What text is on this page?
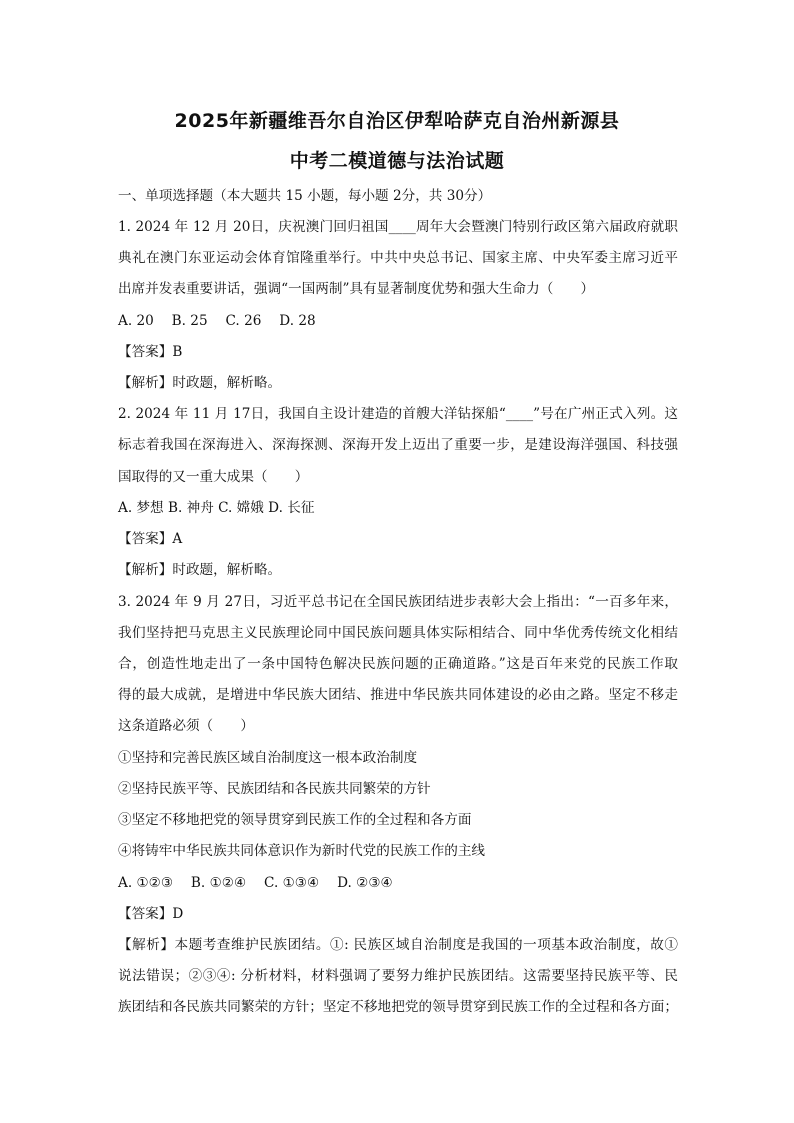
2025年新疆维吾尔自治区伊犁哈萨克自治州新源县
中考二模道德与法治试题
一、单项选择题（本大题共 15 小题，每小题 2分，共 30分）
1. 2024 年 12 月 20日，庆祝澳门回归祖国____周年大会暨澳门特别行政区第六届政府就职
典礼在澳门东亚运动会体育馆隆重举行。中共中央总书记、国家主席、中央军委主席习近平
出席并发表重要讲话，强调“一国两制”具有显著制度优势和强大生命力（　　）
A. 20　 B. 25　 C. 26　 D. 28
【答案】B
【解析】时政题，解析略。
2. 2024 年 11 月 17日，我国自主设计建造的首艘大洋钻探船“____”号在广州正式入列。这
标志着我国在深海进入、深海探测、深海开发上迈出了重要一步，是建设海洋强国、科技强
国取得的又一重大成果（　　）
A. 梦想 B. 神舟 C. 嫦娥 D. 长征
【答案】A
【解析】时政题，解析略。
3. 2024 年 9 月 27日，习近平总书记在全国民族团结进步表彰大会上指出：“一百多年来，
我们坚持把马克思主义民族理论同中国民族问题具体实际相结合、同中华优秀传统文化相结
合，创造性地走出了一条中国特色解决民族问题的正确道路。”这是百年来党的民族工作取
得的最大成就，是增进中华民族大团结、推进中华民族共同体建设的必由之路。坚定不移走
这条道路必须（　　）
①坚持和完善民族区域自治制度这一根本政治制度
②坚持民族平等、民族团结和各民族共同繁荣的方针
③坚定不移地把党的领导贯穿到民族工作的全过程和各方面
④将铸牢中华民族共同体意识作为新时代党的民族工作的主线
A. ①②③　 B. ①②④　 C. ①③④　 D. ②③④
【答案】D
【解析】本题考查维护民族团结。①: 民族区域自治制度是我国的一项基本政治制度，故①
说法错误；②③④: 分析材料，材料强调了要努力维护民族团结。这需要坚持民族平等、民
族团结和各民族共同繁荣的方针；坚定不移地把党的领导贯穿到民族工作的全过程和各方面；
